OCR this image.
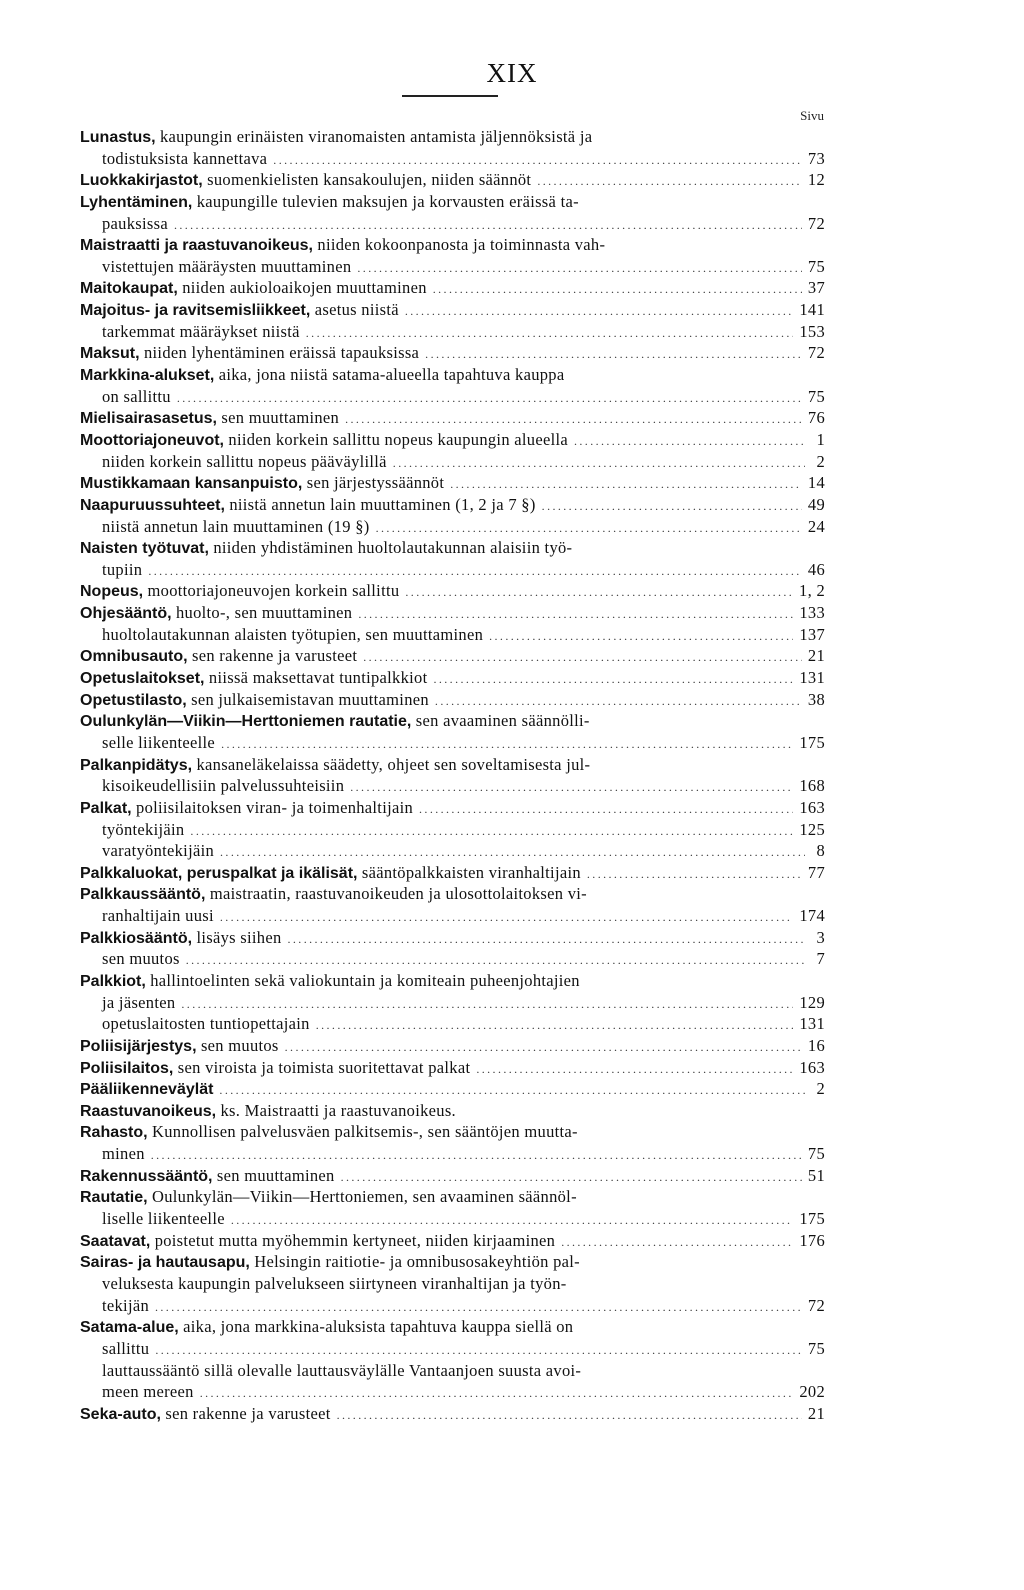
XIX
Sivu
Lunastus, kaupungin erinäisten viranomaisten antamista jäljennöksistä ja
todistuksista kannettava .....	73
Luokkakirjastot, suomenkielisten kansakoulujen, niiden säännöt .....	12
Lyhentäminen, kaupungille tulevien maksujen ja korvausten eräissä ta-
pauksissa .....	72
Maistraatti ja raastuvanoikeus, niiden kokoonpanosta ja toiminnasta vah-
vistettujen määräysten muuttaminen .....	75
Maitokaupat, niiden aukioloaikojen muuttaminen .....	37
Majoitus- ja ravitsemisliikkeet, asetus niistä .....	141
tarkemmat määräykset niistä .....	153
Maksut, niiden lyhentäminen eräissä tapauksissa .....	72
Markkina-alukset, aika, jona niistä satama-alueella tapahtuva kauppa
on sallittu .....	75
Mielisairasasetus, sen muuttaminen .....	76
Moottoriajoneuvot, niiden korkein sallittu nopeus kaupungin alueella .....	1
niiden korkein sallittu nopeus pääväylillä .....	2
Mustikkamaan kansanpuisto, sen järjestyssäännöt .....	14
Naapuruussuhteet, niistä annetun lain muuttaminen (1, 2 ja 7 §) .....	49
niistä annetun lain muuttaminen (19 §) .....	24
Naisten työtuvat, niiden yhdistäminen huoltolautakunnan alaisiin työ-
tupiin .....	46
Nopeus, moottoriajoneuvojen korkein sallittu .....	1, 2
Ohjesääntö, huolto-, sen muuttaminen .....	133
huoltolautakunnan alaisten työtupien, sen muuttaminen .....	137
Omnibusauto, sen rakenne ja varusteet .....	21
Opetuslaitokset, niissä maksettavat tuntipalkkiot .....	131
Opetustilasto, sen julkaisemistavan muuttaminen .....	38
Oulunkylän—Viikin—Herttoniemen rautatie, sen avaaminen säännölli-
selle liikenteelle .....	175
Palkanpidätys, kansaneläkelaissa säädetty, ohjeet sen soveltamisesta jul-
kisoikeudellisiin palvelussuhteisiin .....	168
Palkat, poliisilaitoksen viran- ja toimenhaltijain .....	163
työntekijäin .....	125
varatyöntekijäin .....	8
Palkkaluokat, peruspalkat ja ikälisät, sääntöpalkkaisten viranhaltijain .....	77
Palkkaussääntö, maistraatin, raastuvanoikeuden ja ulosottolaitoksen vi-
ranhaltijain uusi .....	174
Palkkiosääntö, lisäys siihen .....	3
sen muutos .....	7
Palkkiot, hallintoelinten sekä valiokuntain ja komiteain puheenjohtajien
ja jäsenten .....	129
opetuslaitosten tuntiopettajain .....	131
Poliisijärjestys, sen muutos .....	16
Poliisilaitos, sen viroista ja toimista suoritettavat palkat .....	163
Pääliikenneväylät .....	2
Raastuvanoikeus, ks. Maistraatti ja raastuvanoikeus.
Rahasto, Kunnollisen palvelusväen palkitsemis-, sen sääntöjen muutta-
minen .....	75
Rakennussääntö, sen muuttaminen .....	51
Rautatie, Oulunkylän—Viikin—Herttoniemen, sen avaaminen säännöl-
liselle liikenteelle .....	175
Saatavat, poistetut mutta myöhemmin kertyneet, niiden kirjaaminen .....	176
Sairas- ja hautausapu, Helsingin raitiotie- ja omnibusosakeyhtiön pal-
veluksesta kaupungin palvelukseen siirtyneen viranhaltijan ja työn-
tekijän .....	72
Satama-alue, aika, jona markkina-aluksista tapahtuva kauppa siellä on
sallittu .....	75
lauttaussääntö sillä olevalle lauttausväylälle Vantaanjoen suusta avoi-
meen mereen .....	202
Seka-auto, sen rakenne ja varusteet .....	21
